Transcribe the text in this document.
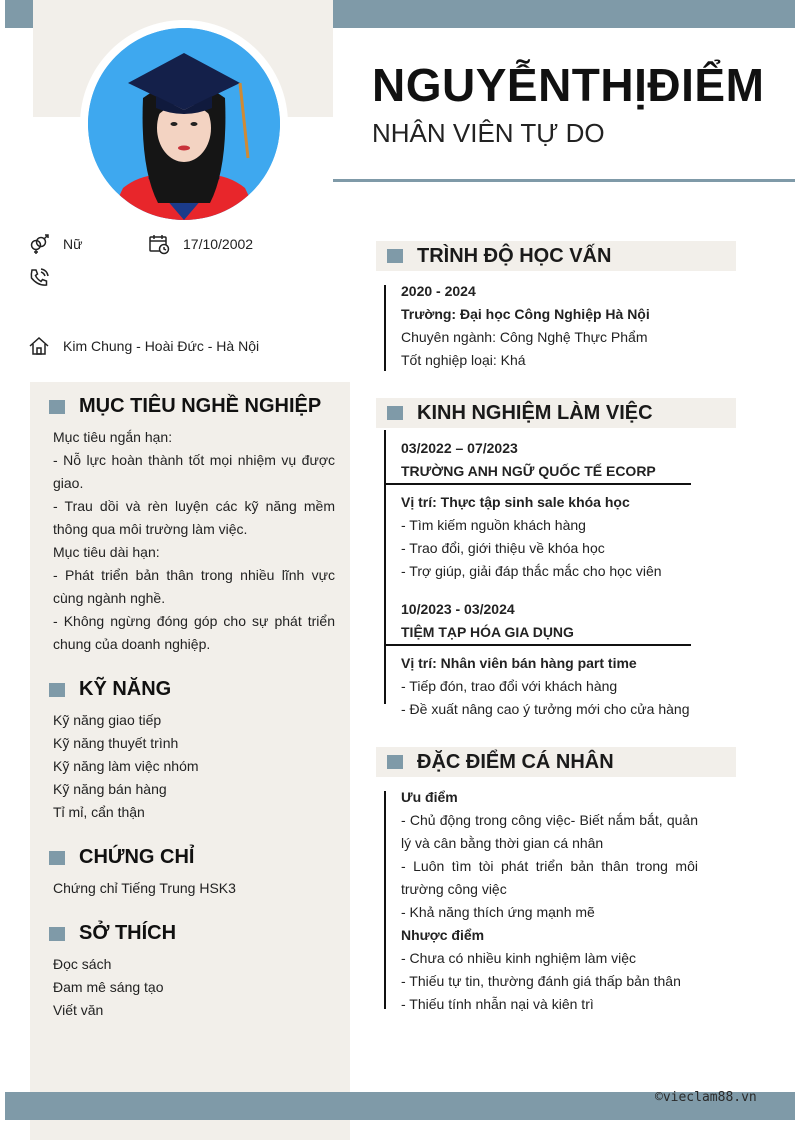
NGUYỄNTHỊĐIỂM
NHÂN VIÊN TỰ DO
Nữ	17/10/2002
Kim Chung - Hoài Đức - Hà Nội
MỤC TIÊU NGHỀ NGHIỆP
Mục tiêu ngắn hạn:
- Nỗ lực hoàn thành tốt mọi nhiệm vụ được giao.
- Trau dồi và rèn luyện các kỹ năng mềm thông qua môi trường làm việc.
Mục tiêu dài hạn:
- Phát triển bản thân trong nhiều lĩnh vực cùng ngành nghề.
- Không ngừng đóng góp cho sự phát triển chung của doanh nghiệp.
KỸ NĂNG
Kỹ năng giao tiếp
Kỹ năng thuyết trình
Kỹ năng làm việc nhóm
Kỹ năng bán hàng
Tỉ mỉ, cẩn thận
CHỨNG CHỈ
Chứng chỉ Tiếng Trung HSK3
SỞ THÍCH
Đọc sách
Đam mê sáng tạo
Viết văn
TRÌNH ĐỘ HỌC VẤN
2020 - 2024
Trường: Đại học Công Nghiệp Hà Nội
Chuyên ngành: Công Nghệ Thực Phẩm
Tốt nghiệp loại: Khá
KINH NGHIỆM LÀM VIỆC
03/2022 – 07/2023
TRƯỜNG ANH NGỮ QUỐC TẾ ECORP
Vị trí: Thực tập sinh sale khóa học
- Tìm kiếm nguồn khách hàng
- Trao đổi, giới thiệu về khóa học
- Trợ giúp, giải đáp thắc mắc cho học viên
10/2023 - 03/2024
TIỆM TẠP HÓA GIA DỤNG
Vị trí: Nhân viên bán hàng part time
- Tiếp đón, trao đổi với khách hàng
- Đề xuất nâng cao ý tưởng mới cho cửa hàng
ĐẶC ĐIỂM CÁ NHÂN
Ưu điểm
- Chủ động trong công việc- Biết nắm bắt, quản lý và cân bằng thời gian cá nhân
- Luôn tìm tòi phát triển bản thân trong môi trường công việc
- Khả năng thích ứng mạnh mẽ
Nhược điểm
- Chưa có nhiều kinh nghiệm làm việc
- Thiếu tự tin, thường đánh giá thấp bản thân
- Thiếu tính nhẫn nại và kiên trì
©vieclam88.vn
